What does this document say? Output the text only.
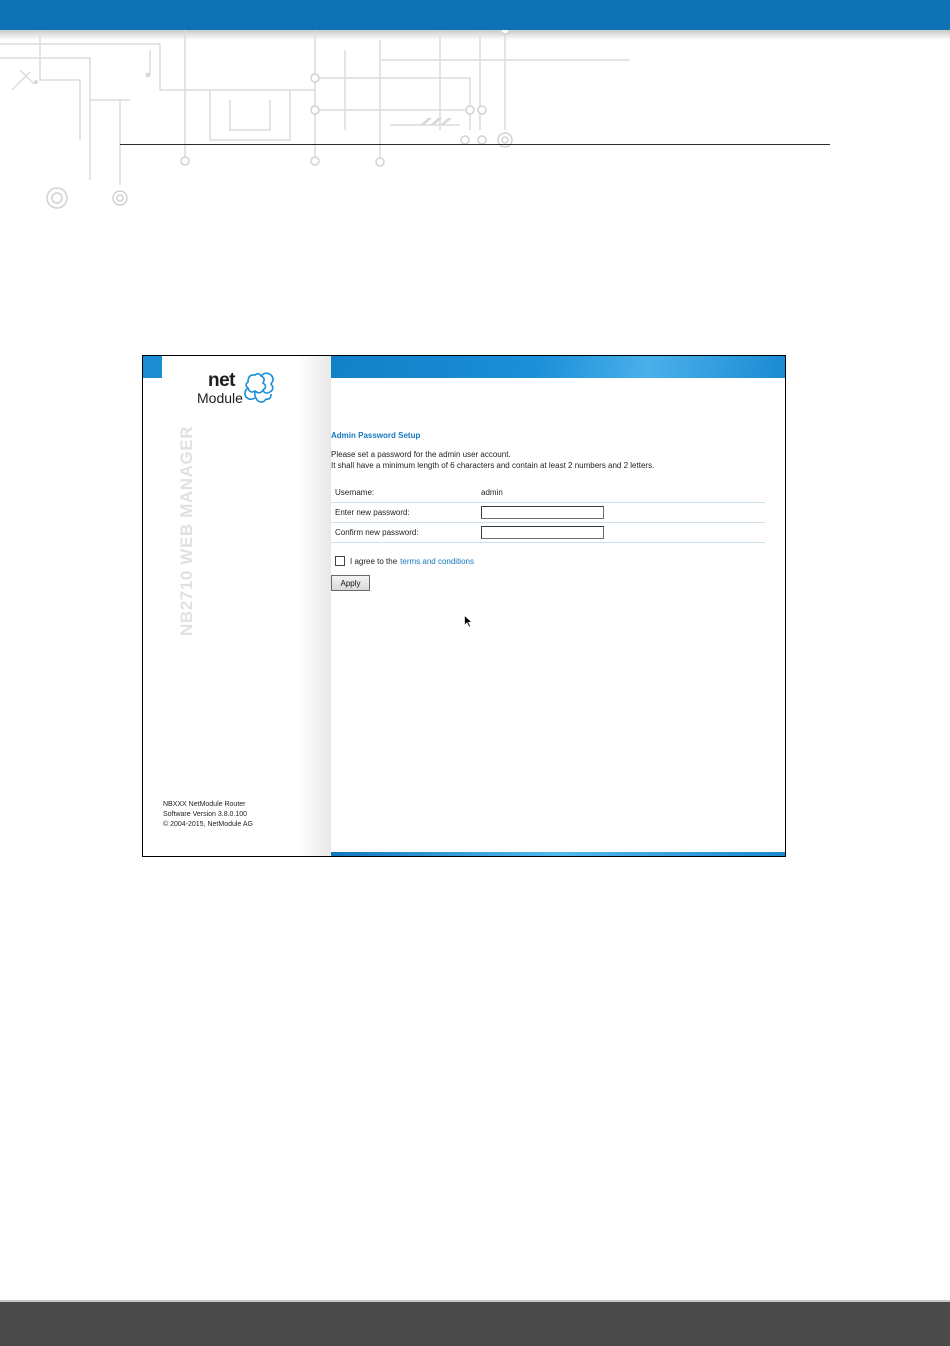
net
Module
NB2710 WEB MANAGER
NBXXX NetModule Router
Software Version 3.8.0.100
© 2004-2015, NetModule AG
Admin Password Setup
Please set a password for the admin user account.
It shall have a minimum length of 6 characters and contain at least 2 numbers and 2 letters.
Username:	admin
Enter new password:	

Confirm new password:	
I agree to the terms and conditions
Apply
